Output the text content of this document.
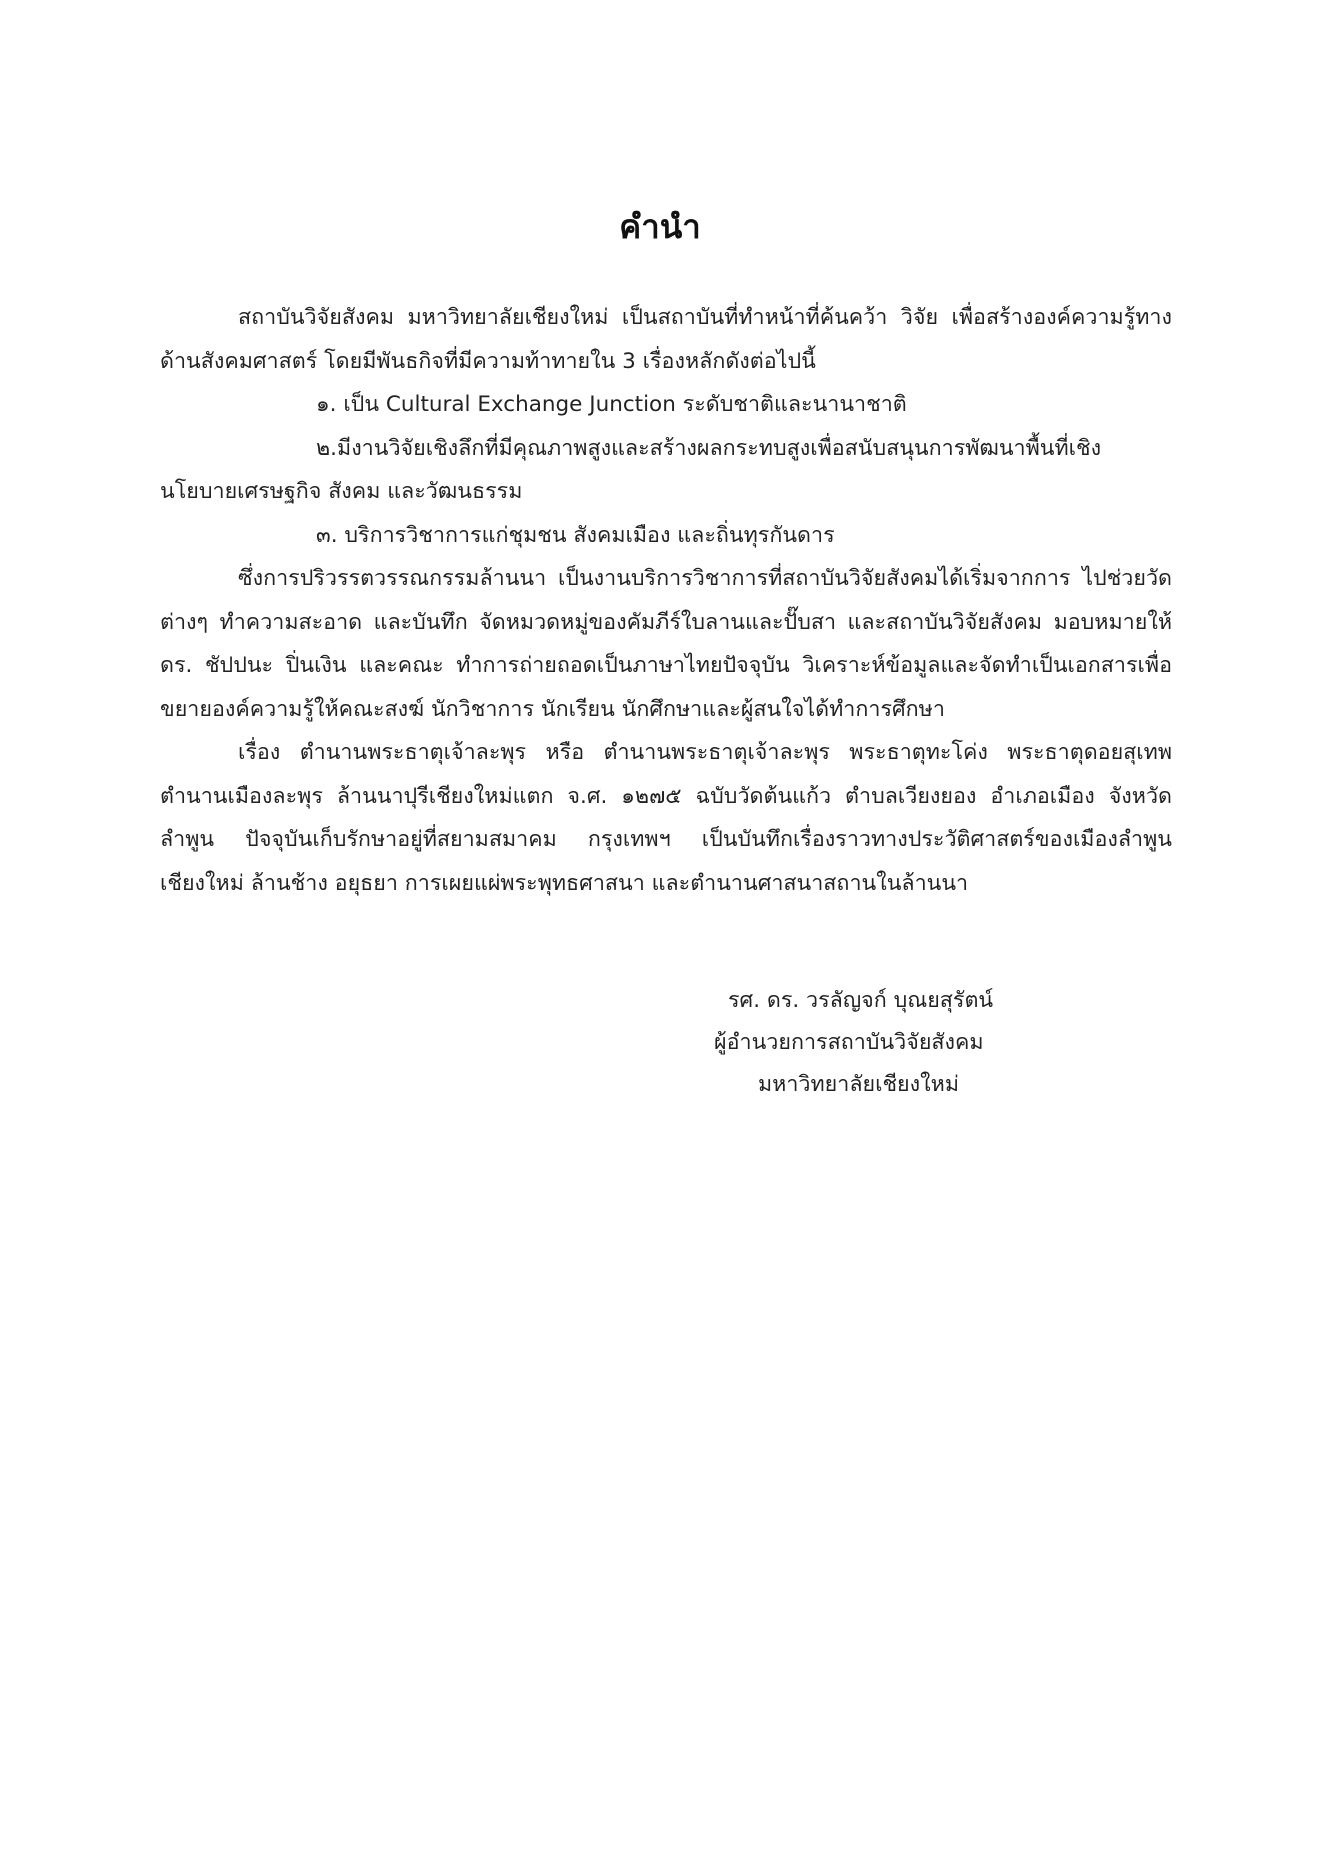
คำนำ

สถาบันวิจัยสังคม มหาวิทยาลัยเชียงใหม่ เป็นสถาบันที่ทำหน้าที่ค้นคว้า วิจัย เพื่อสร้างองค์ความรู้ทางด้านสังคมศาสตร์ โดยมีพันธกิจที่มีความท้าทายใน 3 เรื่องหลักดังต่อไปนี้

๑. เป็น Cultural Exchange Junction ระดับชาติและนานาชาติ

๒.มีงานวิจัยเชิงลึกที่มีคุณภาพสูงและสร้างผลกระทบสูงเพื่อสนับสนุนการพัฒนาพื้นที่เชิงนโยบายเศรษฐกิจ สังคม และวัฒนธรรม

๓. บริการวิชาการแก่ชุมชน สังคมเมือง และถิ่นทุรกันดาร

ซึ่งการปริวรรตวรรณกรรมล้านนา เป็นงานบริการวิชาการที่สถาบันวิจัยสังคมได้เริ่มจากการ ไปช่วยวัดต่างๆ ทำความสะอาด และบันทึก จัดหมวดหมู่ของคัมภีร์ใบลานและปั๊บสา และสถาบันวิจัยสังคม มอบหมายให้ ดร. ชัปปนะ ปิ่นเงิน และคณะ ทำการถ่ายถอดเป็นภาษาไทยปัจจุบัน วิเคราะห์ข้อมูลและจัดทำเป็นเอกสารเพื่อขยายองค์ความรู้ให้คณะสงฆ์ นักวิชาการ นักเรียน นักศึกษาและผู้สนใจได้ทำการศึกษา

เรื่อง ตำนานพระธาตุเจ้าละพุร หรือ ตำนานพระธาตุเจ้าละพุร พระธาตุทะโค่ง พระธาตุดอยสุเทพ ตำนานเมืองละพุร ล้านนาปุรีเชียงใหม่แตก จ.ศ. ๑๒๗๕ ฉบับวัดต้นแก้ว ตำบลเวียงยอง อำเภอเมือง จังหวัดลำพูน ปัจจุบันเก็บรักษาอยู่ที่สยามสมาคม กรุงเทพฯ เป็นบันทึกเรื่องราวทางประวัติศาสตร์ของเมืองลำพูน เชียงใหม่ ล้านช้าง อยุธยา การเผยแผ่พระพุทธศาสนา และตำนานศาสนาสถานในล้านนา

รศ. ดร. วรลัญจก์ บุณยสุรัตน์
ผู้อำนวยการสถาบันวิจัยสังคม
มหาวิทยาลัยเชียงใหม่
